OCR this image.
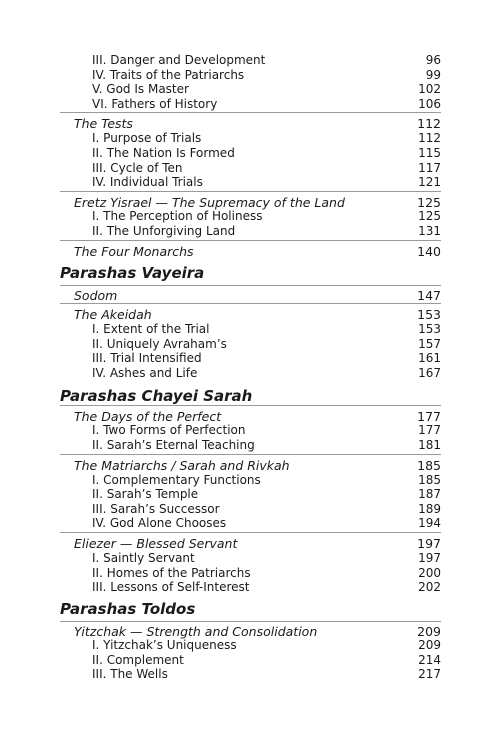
III. Danger and Development	96
IV. Traits of the Patriarchs	99
V. God Is Master	102
VI. Fathers of History	106
The Tests	112
I. Purpose of Trials	112
II. The Nation Is Formed	115
III. Cycle of Ten	117
IV. Individual Trials	121
Eretz Yisrael — The Supremacy of the Land	125
I. The Perception of Holiness	125
II. The Unforgiving Land	131
The Four Monarchs	140
Parashas Vayeira
Sodom	147
The Akeidah	153
I. Extent of the Trial	153
II. Uniquely Avraham’s	157
III. Trial Intensified	161
IV. Ashes and Life	167
Parashas Chayei Sarah
The Days of the Perfect	177
I. Two Forms of Perfection	177
II. Sarah’s Eternal Teaching	181
The Matriarchs / Sarah and Rivkah	185
I. Complementary Functions	185
II. Sarah’s Temple	187
III. Sarah’s Successor	189
IV. God Alone Chooses	194
Eliezer — Blessed Servant	197
I. Saintly Servant	197
II. Homes of the Patriarchs	200
III. Lessons of Self-Interest	202
Parashas Toldos
Yitzchak — Strength and Consolidation	209
I. Yitzchak’s Uniqueness	209
II. Complement	214
III. The Wells	217
